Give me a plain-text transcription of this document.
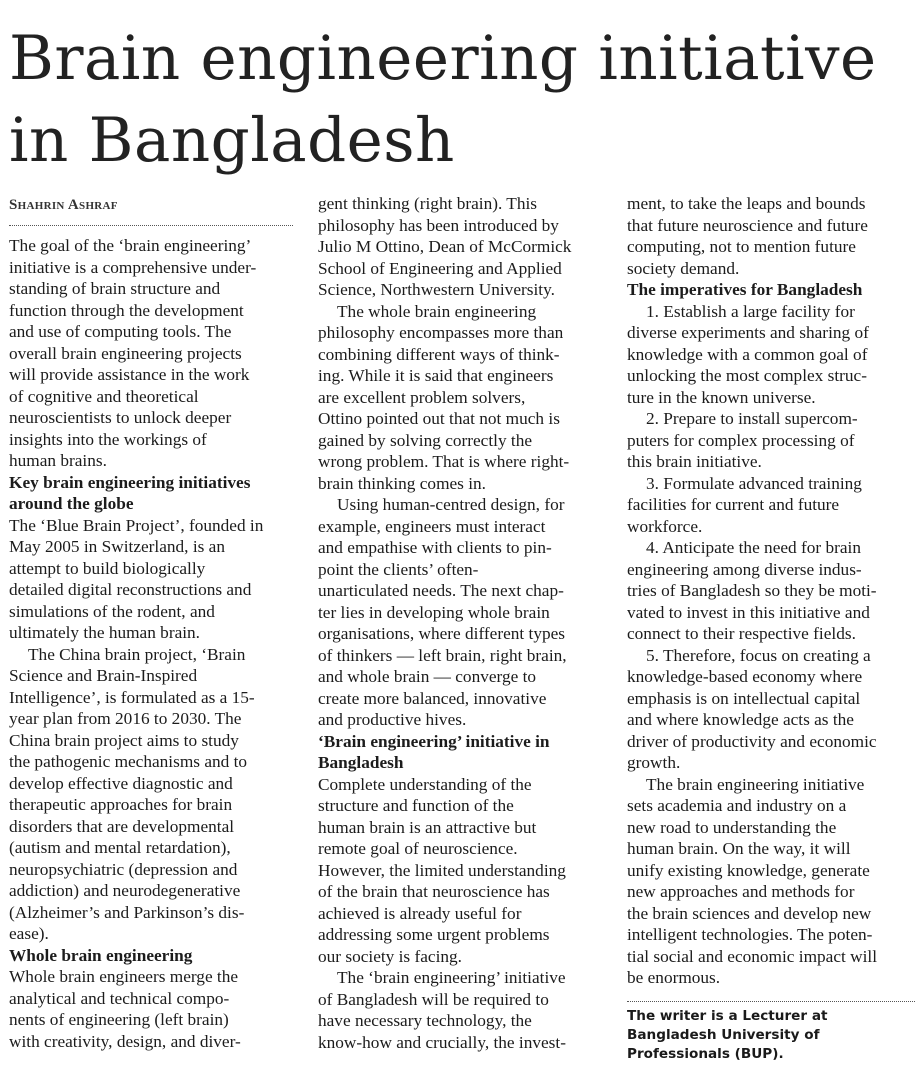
Brain engineering initiative
in Bangladesh
Shahrin Ashraf
The goal of the ‘brain engineering’
initiative is a comprehensive under-
standing of brain structure and
function through the development
and use of computing tools. The
overall brain engineering projects
will provide assistance in the work
of cognitive and theoretical
neuroscientists to unlock deeper
insights into the workings of
human brains.
Key brain engineering initiatives
around the globe
The ‘Blue Brain Project’, founded in
May 2005 in Switzerland, is an
attempt to build biologically
detailed digital reconstructions and
simulations of the rodent, and
ultimately the human brain.
The China brain project, ‘Brain
Science and Brain-Inspired
Intelligence’, is formulated as a 15-
year plan from 2016 to 2030. The
China brain project aims to study
the pathogenic mechanisms and to
develop effective diagnostic and
therapeutic approaches for brain
disorders that are developmental
(autism and mental retardation),
neuropsychiatric (depression and
addiction) and neurodegenerative
(Alzheimer’s and Parkinson’s dis-
ease).
Whole brain engineering
Whole brain engineers merge the
analytical and technical compo-
nents of engineering (left brain)
with creativity, design, and diver-
gent thinking (right brain). This
philosophy has been introduced by
Julio M Ottino, Dean of McCormick
School of Engineering and Applied
Science, Northwestern University.
The whole brain engineering
philosophy encompasses more than
combining different ways of think-
ing. While it is said that engineers
are excellent problem solvers,
Ottino pointed out that not much is
gained by solving correctly the
wrong problem. That is where right-
brain thinking comes in.
Using human-centred design, for
example, engineers must interact
and empathise with clients to pin-
point the clients’ often-
unarticulated needs. The next chap-
ter lies in developing whole brain
organisations, where different types
of thinkers — left brain, right brain,
and whole brain — converge to
create more balanced, innovative
and productive hives.
‘Brain engineering’ initiative in
Bangladesh
Complete understanding of the
structure and function of the
human brain is an attractive but
remote goal of neuroscience.
However, the limited understanding
of the brain that neuroscience has
achieved is already useful for
addressing some urgent problems
our society is facing.
The ‘brain engineering’ initiative
of Bangladesh will be required to
have necessary technology, the
know-how and crucially, the invest-
ment, to take the leaps and bounds
that future neuroscience and future
computing, not to mention future
society demand.
The imperatives for Bangladesh
1. Establish a large facility for
diverse experiments and sharing of
knowledge with a common goal of
unlocking the most complex struc-
ture in the known universe.
2. Prepare to install supercom-
puters for complex processing of
this brain initiative.
3. Formulate advanced training
facilities for current and future
workforce.
4. Anticipate the need for brain
engineering among diverse indus-
tries of Bangladesh so they be moti-
vated to invest in this initiative and
connect to their respective fields.
5. Therefore, focus on creating a
knowledge-based economy where
emphasis is on intellectual capital
and where knowledge acts as the
driver of productivity and economic
growth.
The brain engineering initiative
sets academia and industry on a
new road to understanding the
human brain. On the way, it will
unify existing knowledge, generate
new approaches and methods for
the brain sciences and develop new
intelligent technologies. The poten-
tial social and economic impact will
be enormous.
The writer is a Lecturer at
Bangladesh University of
Professionals (BUP).
